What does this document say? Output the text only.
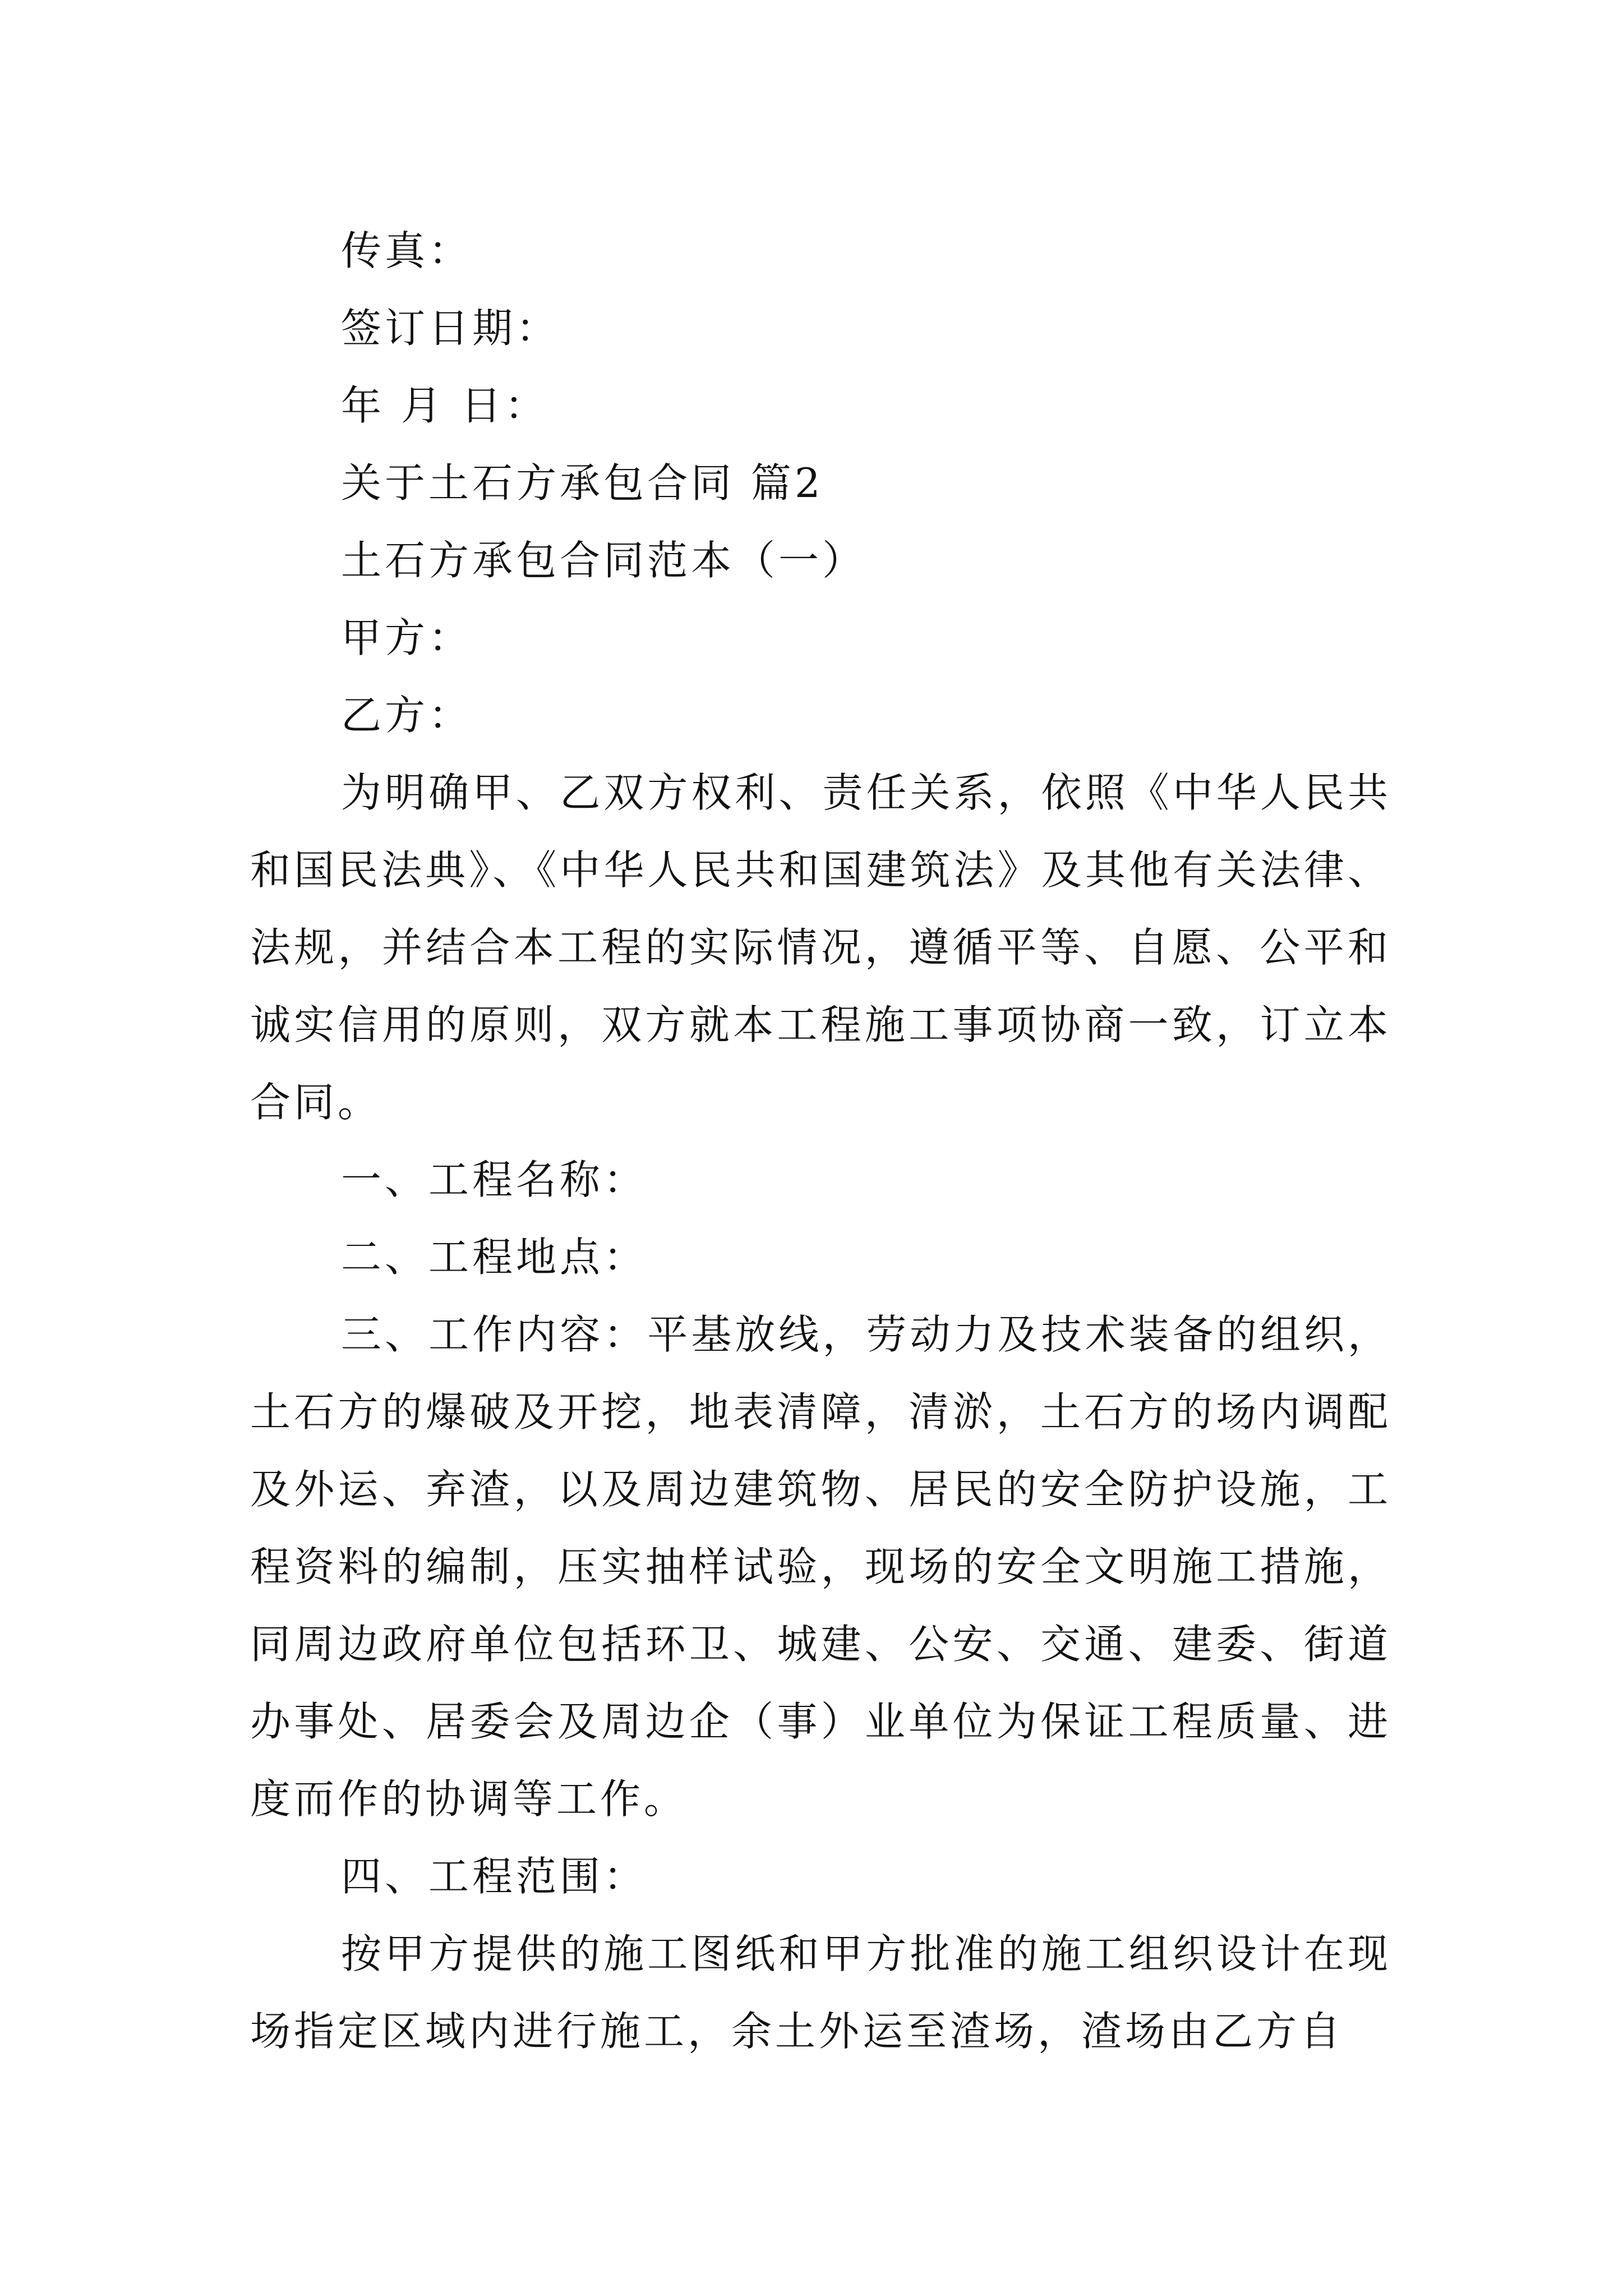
传真：

签订日期：

年 月 日：

关于土石方承包合同 篇2

土石方承包合同范本（一）

甲方：

乙方：

为明确甲、乙双方权利、责任关系，依照《中华人民共和国民法典》、《中华人民共和国建筑法》及其他有关法律、法规，并结合本工程的实际情况，遵循平等、自愿、公平和诚实信用的原则，双方就本工程施工事项协商一致，订立本合同。

一、工程名称：

二、工程地点：

三、工作内容：平基放线，劳动力及技术装备的组织，土石方的爆破及开挖，地表清障，清淤，土石方的场内调配及外运、弃渣，以及周边建筑物、居民的安全防护设施，工程资料的编制，压实抽样试验，现场的安全文明施工措施，同周边政府单位包括环卫、城建、公安、交通、建委、街道办事处、居委会及周边企（事）业单位为保证工程质量、进度而作的协调等工作。

四、工程范围：

按甲方提供的施工图纸和甲方批准的施工组织设计在现场指定区域内进行施工，余土外运至渣场，渣场由乙方自
